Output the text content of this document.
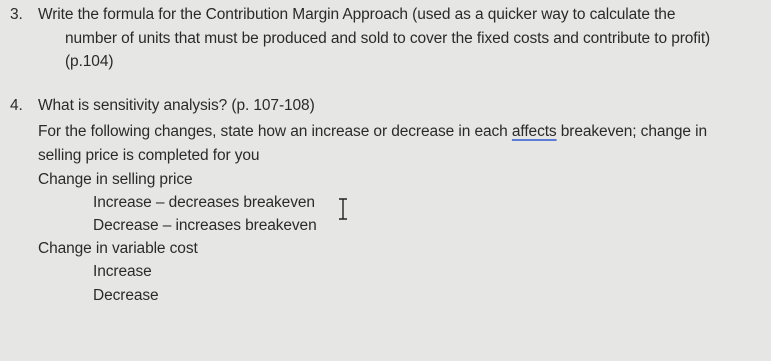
3. Write the formula for the Contribution Margin Approach (used as a quicker way to calculate the
number of units that must be produced and sold to cover the fixed costs and contribute to profit)
(p.104)
4. What is sensitivity analysis? (p. 107-108)
For the following changes, state how an increase or decrease in each affects breakeven; change in
selling price is completed for you
Change in selling price
Increase – decreases breakeven
Decrease – increases breakeven
Change in variable cost
Increase
Decrease
